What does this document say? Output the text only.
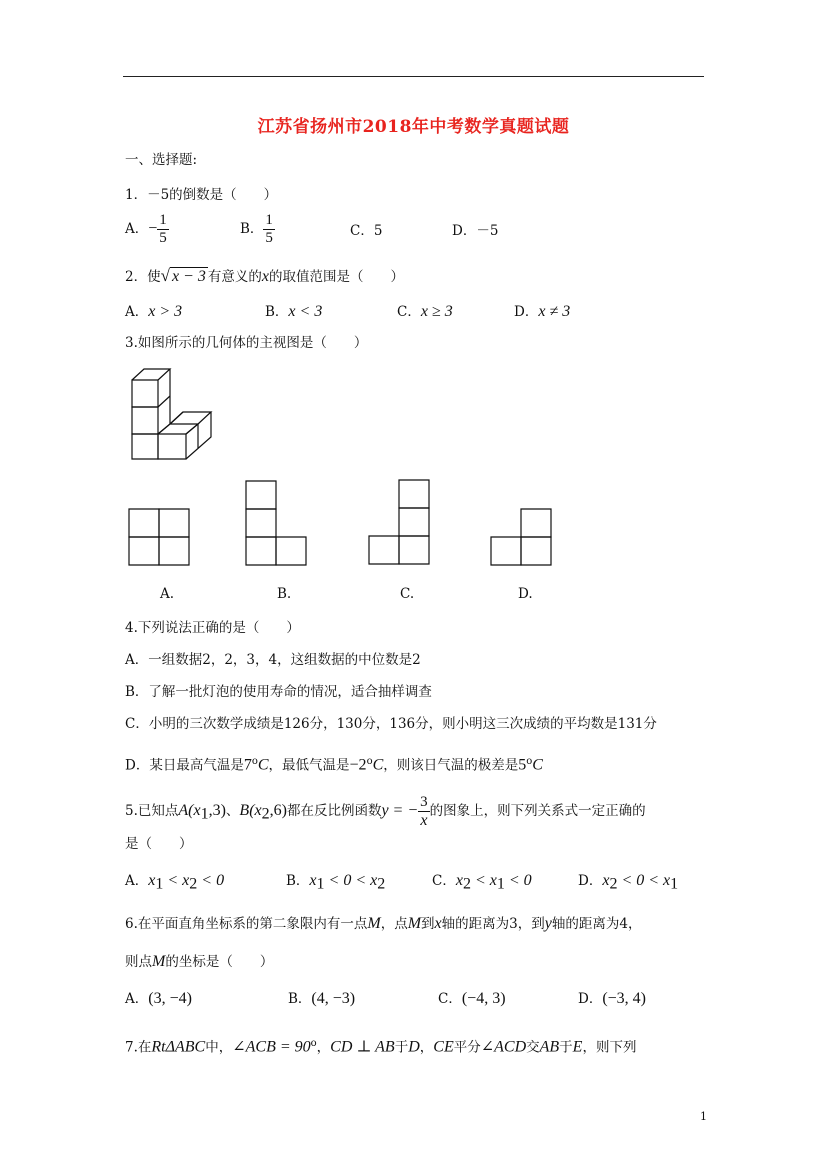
江苏省扬州市2018年中考数学真题试题
一、选择题:
1．－5的倒数是（　　）
A．− $\frac{1}{5}$	B． $\frac{1}{5}$	C．5	D．－5
2．使√ x − 3 有意义的x的取值范围是（　　）
A．x > 3	B．x < 3	C．x ≥ 3	D．x ≠ 3
3.如图所示的几何体的主视图是（　　）
A.	B.	C.	D.
4.下列说法正确的是（　　）
A．一组数据2，2，3，4，这组数据的中位数是2
B．了解一批灯泡的使用寿命的情况，适合抽样调查
C．小明的三次数学成绩是126分，130分，136分，则小明这三次成绩的平均数是131分
D．某日最高气温是7$^o$C，最低气温是$-2^oC$，则该日气温的极差是5$^o$C
5.已知点$A(x_1,3)$、$B(x_2,6)$都在反比例函数y = − $\frac{3}{x}$ 的图象上，则下列关系式一定正确的
是（　　）
A．$x_1 < x_2 < 0$	B．$x_1 < 0 < x_2$	C．$x_2 < x_1 < 0$	D．$x_2 < 0 < x_1$
6.在平面直角坐标系的第二象限内有一点M，点M到x轴的距离为3，到y轴的距离为4，
则点M的坐标是（　　）
A．(3, −4)	B．(4, −3)	C．(−4, 3)	D．(−3, 4)
7.在RtΔABC中，∠ACB = $90^o$，CD ⊥ AB于D，CE平分∠ACD交AB于E，则下列
1
